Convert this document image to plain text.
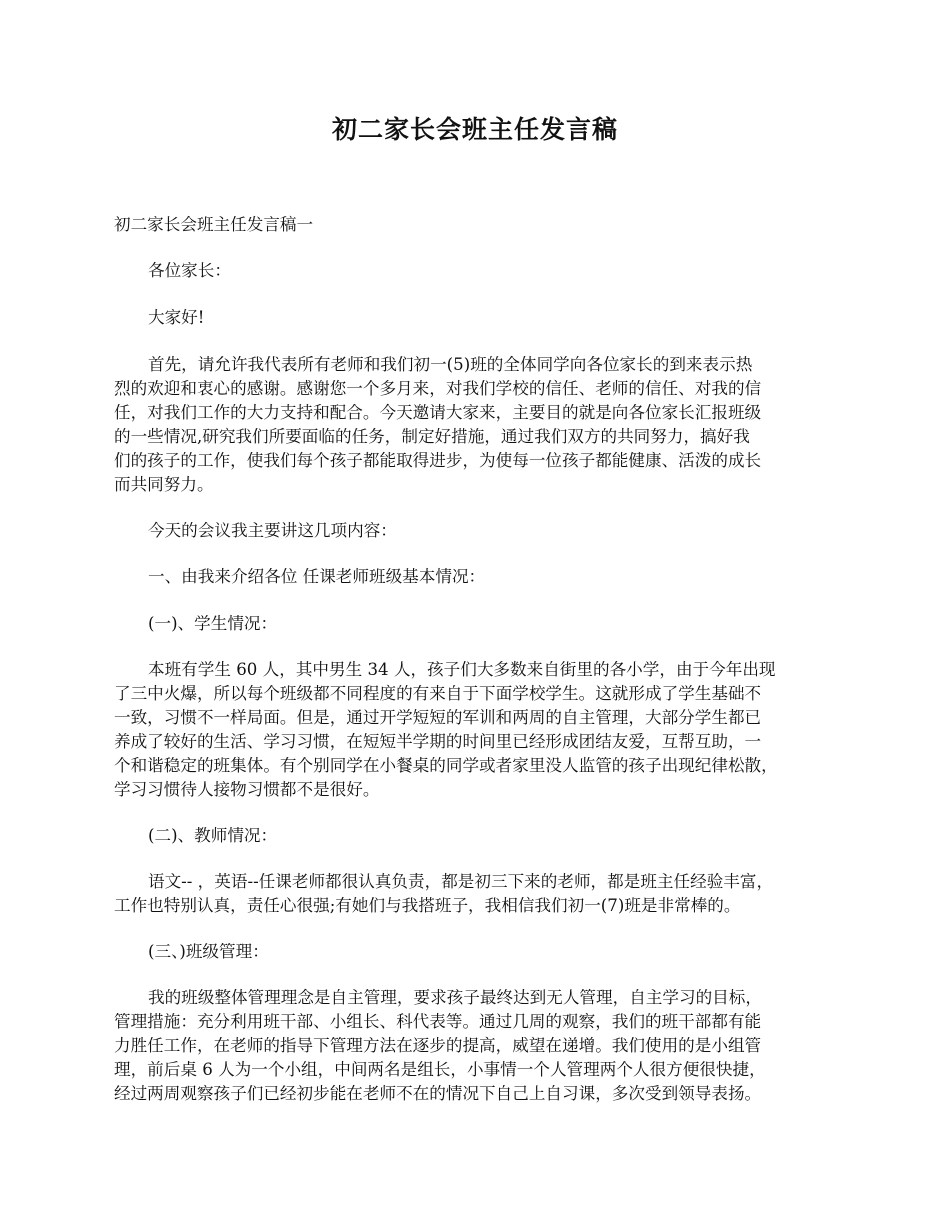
初二家长会班主任发言稿

初二家长会班主任发言稿一

各位家长：

大家好!

首先，请允许我代表所有老师和我们初一(5)班的全体同学向各位家长的到来表示热

烈的欢迎和衷心的感谢。感谢您一个多月来，对我们学校的信任、老师的信任、对我的信

任，对我们工作的大力支持和配合。今天邀请大家来，主要目的就是向各位家长汇报班级

的一些情况,研究我们所要面临的任务，制定好措施，通过我们双方的共同努力，搞好我

们的孩子的工作，使我们每个孩子都能取得进步，为使每一位孩子都能健康、活泼的成长

而共同努力。

今天的会议我主要讲这几项内容：

一、由我来介绍各位 任课老师班级基本情况：

(一)、学生情况：

本班有学生 60 人，其中男生 34 人，孩子们大多数来自街里的各小学，由于今年出现

了三中火爆，所以每个班级都不同程度的有来自于下面学校学生。这就形成了学生基础不

一致，习惯不一样局面。但是，通过开学短短的军训和两周的自主管理，大部分学生都已

养成了较好的生活、学习习惯，在短短半学期的时间里已经形成团结友爱，互帮互助，一

个和谐稳定的班集体。有个别同学在小餐桌的同学或者家里没人监管的孩子出现纪律松散，

学习习惯待人接物习惯都不是很好。

(二)、教师情况：

语文-- ，英语--任课老师都很认真负责，都是初三下来的老师，都是班主任经验丰富，

工作也特别认真，责任心很强;有她们与我搭班子，我相信我们初一(7)班是非常棒的。

(三、)班级管理：

我的班级整体管理理念是自主管理，要求孩子最终达到无人管理，自主学习的目标，

管理措施：充分利用班干部、小组长、科代表等。通过几周的观察，我们的班干部都有能

力胜任工作，在老师的指导下管理方法在逐步的提高，威望在递增。我们使用的是小组管

理，前后桌 6 人为一个小组，中间两名是组长，小事情一个人管理两个人很方便很快捷，

经过两周观察孩子们已经初步能在老师不在的情况下自己上自习课，多次受到领导表扬。
